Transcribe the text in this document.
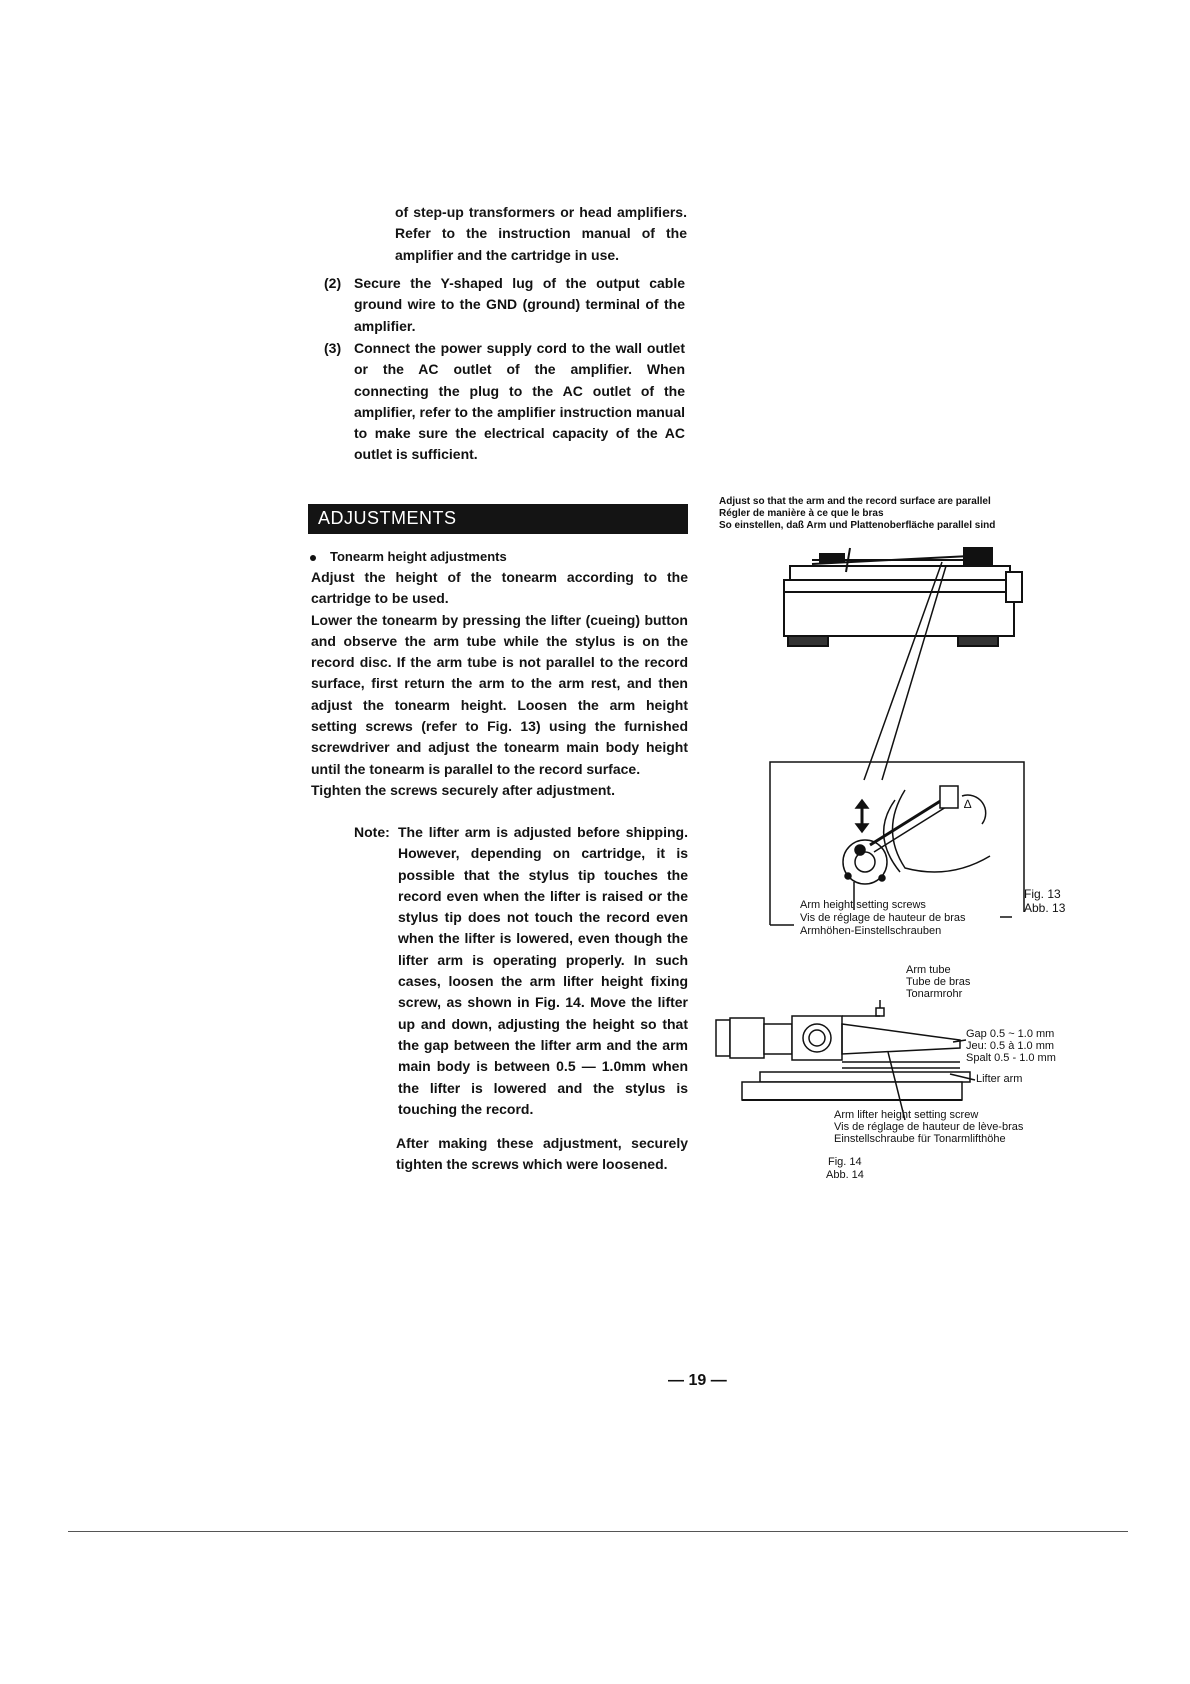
of step-up transformers or head amplifiers. Refer to the instruction manual of the amplifier and the cartridge in use.

(2) Secure the Y-shaped lug of the output cable ground wire to the GND (ground) terminal of the amplifier.
(3) Connect the power supply cord to the wall outlet or the AC outlet of the amplifier. When connecting the plug to the AC outlet of the amplifier, refer to the amplifier instruction manual to make sure the electrical capacity of the AC outlet is sufficient.
ADJUSTMENTS
Tonearm height adjustments

Adjust the height of the tonearm according to the cartridge to be used.

Lower the tonearm by pressing the lifter (cueing) button and observe the arm tube while the stylus is on the record disc. If the arm tube is not parallel to the record surface, first return the arm to the arm rest, and then adjust the tonearm height. Loosen the arm height setting screws (refer to Fig. 13) using the furnished screwdriver and adjust the tonearm main body height until the tonearm is parallel to the record surface.

Tighten the screws securely after adjustment.

Note: The lifter arm is adjusted before shipping. However, depending on cartridge, it is possible that the stylus tip touches the record even when the lifter is raised or the stylus tip does not touch the record even when the lifter is lowered, even though the lifter arm is operating properly. In such cases, loosen the arm lifter height fixing screw, as shown in Fig. 14. Move the lifter up and down, adjusting the height so that the gap between the lifter arm and the arm main body is between 0.5 — 1.0mm when the lifter is lowered and the stylus is touching the record.

After making these adjustment, securely tighten the screws which were loosened.

Adjust so that the arm and the record surface are parallel
Régler de manière à ce que le bras
So einstellen, daß Arm und Plattenoberfläche parallel sind
∆
Arm height setting screws
Vis de réglage de hauteur de bras
Armhöhen-Einstellschrauben
Fig. 13
Abb. 13
Arm tube
Tube de bras
Tonarmrohr
Gap 0.5 ~ 1.0 mm
Jeu: 0.5 à 1.0 mm
Spalt 0.5 - 1.0 mm
Lifter arm
Arm lifter height setting screw
Vis de réglage de hauteur de lève-bras
Einstellschraube für Tonarmlifthöhe
Fig. 14
Abb. 14
— 19 —
